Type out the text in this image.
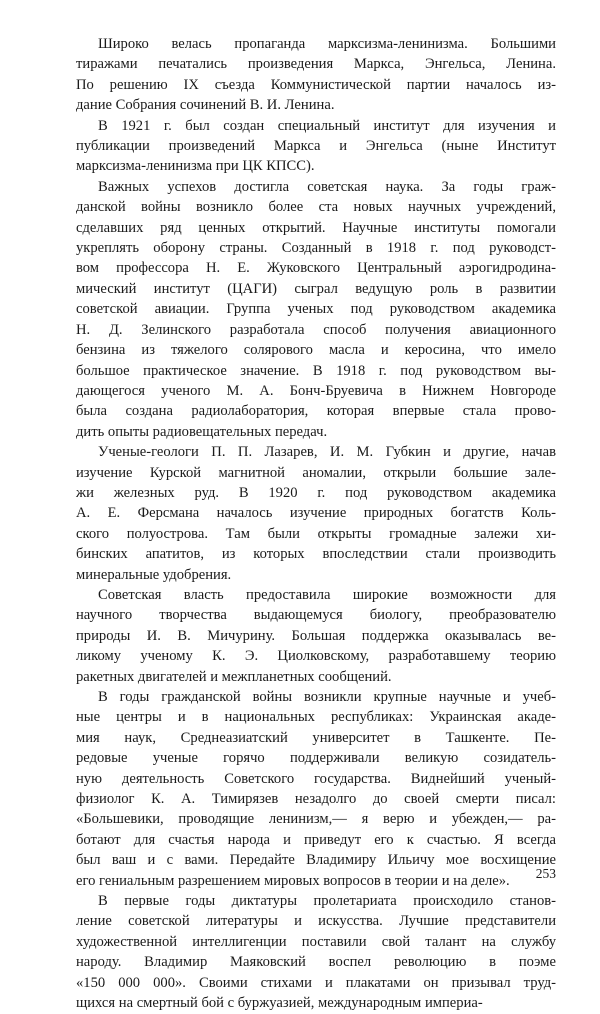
Широко велась пропаганда марксизма-ленинизма. Большими
тиражами печатались произведения Маркса, Энгельса, Ленина.
По решению IX съезда Коммунистической партии началось из-
дание Собрания сочинений В. И. Ленина.

В 1921 г. был создан специальный институт для изучения и
публикации произведений Маркса и Энгельса (ныне Институт
марксизма-ленинизма при ЦК КПСС).

Важных успехов достигла советская наука. За годы граж-
данской войны возникло более ста новых научных учреждений,
сделавших ряд ценных открытий. Научные институты помогали
укреплять оборону страны. Созданный в 1918 г. под руководст-
вом профессора Н. Е. Жуковского Центральный аэрогидродина-
мический институт (ЦАГИ) сыграл ведущую роль в развитии
советской авиации. Группа ученых под руководством академика
Н. Д. Зелинского разработала способ получения авиационного
бензина из тяжелого солярового масла и керосина, что имело
большое практическое значение. В 1918 г. под руководством вы-
дающегося ученого М. А. Бонч-Бруевича в Нижнем Новгороде
была создана радиолаборатория, которая впервые стала прово-
дить опыты радиовещательных передач.

Ученые-геологи П. П. Лазарев, И. М. Губкин и другие, начав
изучение Курской магнитной аномалии, открыли большие зале-
жи железных руд. В 1920 г. под руководством академика
А. Е. Ферсмана началось изучение природных богатств Коль-
ского полуострова. Там были открыты громадные залежи хи-
бинских апатитов, из которых впоследствии стали производить
минеральные удобрения.

Советская власть предоставила широкие возможности для
научного творчества выдающемуся биологу, преобразователю
природы И. В. Мичурину. Большая поддержка оказывалась ве-
ликому ученому К. Э. Циолковскому, разработавшему теорию
ракетных двигателей и межпланетных сообщений.

В годы гражданской войны возникли крупные научные и учеб-
ные центры и в национальных республиках: Украинская акаде-
мия наук, Среднеазиатский университет в Ташкенте. Пе-
редовые ученые горячо поддерживали великую созидатель-
ную деятельность Советского государства. Виднейший ученый-
физиолог К. А. Тимирязев незадолго до своей смерти писал:
«Большевики, проводящие ленинизм,— я верю и убежден,— ра-
ботают для счастья народа и приведут его к счастью. Я всегда
был ваш и с вами. Передайте Владимиру Ильичу мое восхищение
его гениальным разрешением мировых вопросов в теории и на деле».

В первые годы диктатуры пролетариата происходило станов-
ление советской литературы и искусства. Лучшие представители
художественной интеллигенции поставили свой талант на службу
народу. Владимир Маяковский воспел революцию в поэме
«150 000 000». Своими стихами и плакатами он призывал труд-
щихся на смертный бой с буржуазией, международным империа-

253
